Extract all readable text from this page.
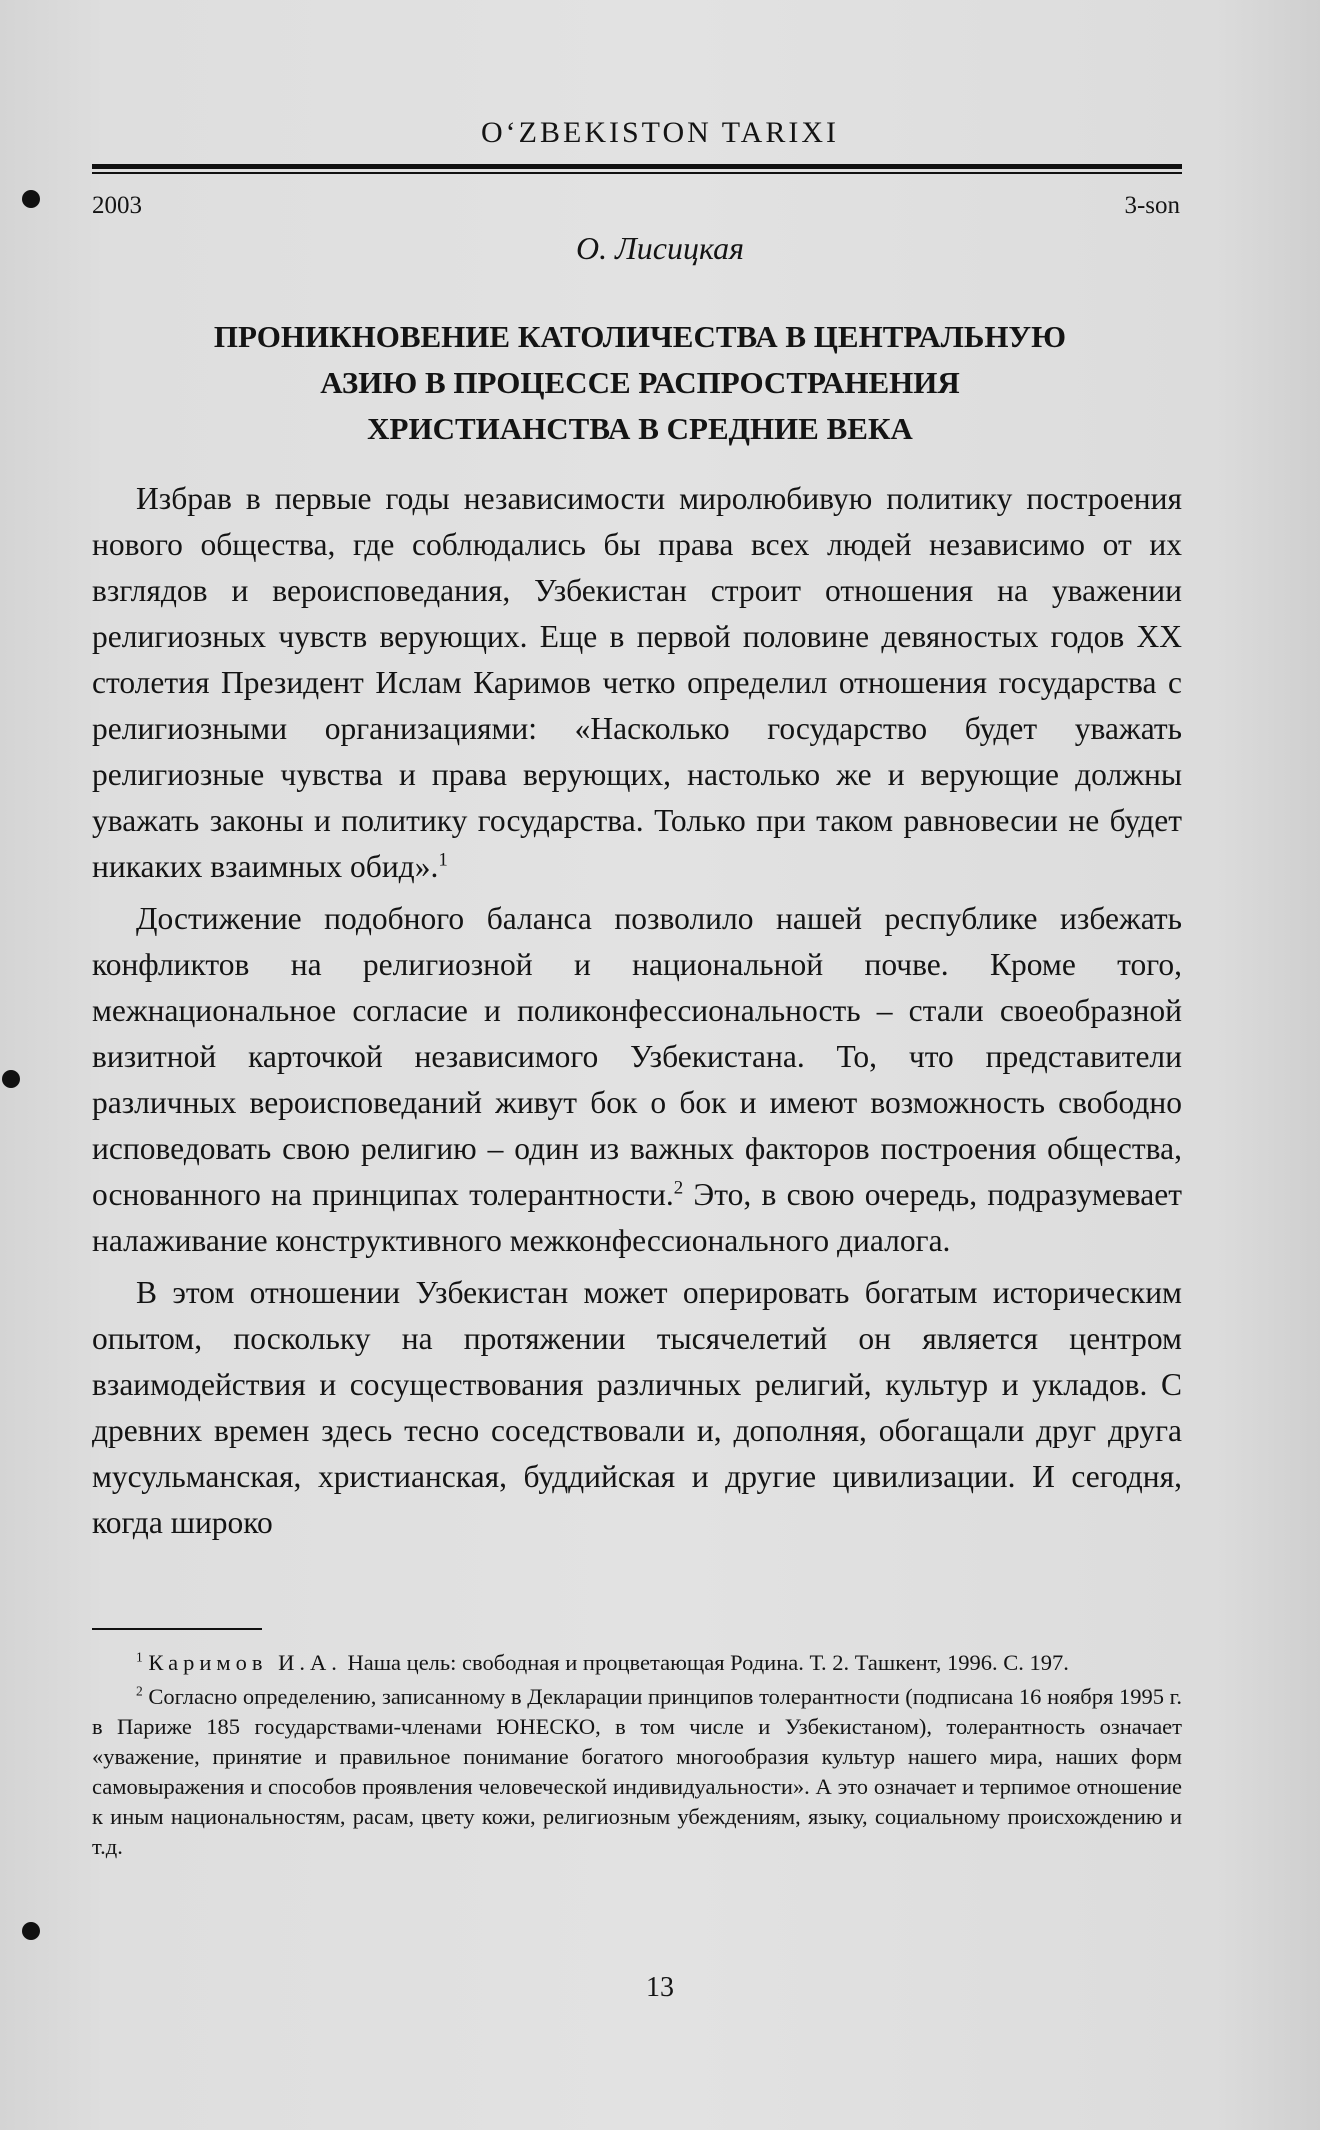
O‘ZBEKISTON TARIXI
2003	3-son
О. Лисицкая
ПРОНИКНОВЕНИЕ КАТОЛИЧЕСТВА В ЦЕНТРАЛЬНУЮ
АЗИЮ В ПРОЦЕССЕ РАСПРОСТРАНЕНИЯ
ХРИСТИАНСТВА В СРЕДНИЕ ВЕКА

Избрав в первые годы независимости миролюбивую политику построения нового общества, где соблюдались бы права всех людей независимо от их взглядов и вероисповедания, Узбекистан строит отношения на уважении религиозных чувств верующих. Еще в первой половине девяностых годов XX столетия Президент Ислам Каримов четко определил отношения государства с религиозными организациями: «Насколько государство будет уважать религиозные чувства и права верующих, настолько же и верующие должны уважать законы и политику государства. Только при таком равновесии не будет никаких взаимных обид».$^1$

Достижение подобного баланса позволило нашей республике избежать конфликтов на религиозной и национальной почве. Кроме того, межнациональное согласие и поликонфессиональность – стали своеобразной визитной карточкой независимого Узбекистана. То, что представители различных вероисповеданий живут бок о бок и имеют возможность свободно исповедовать свою религию – один из важных факторов построения общества, основанного на принципах толерантности.$^2$ Это, в свою очередь, подразумевает налаживание конструктивного межконфессионального диалога.

В этом отношении Узбекистан может оперировать богатым историческим опытом, поскольку на протяжении тысячелетий он является центром взаимодействия и сосуществования различных религий, культур и укладов. С древних времен здесь тесно соседствовали и, дополняя, обогащали друг друга мусульманская, христианская, буддийская и другие цивилизации. И сегодня, когда широко

$^1$ Каримов И.А. Наша цель: свободная и процветающая Родина. Т. 2. Ташкент, 1996. С. 197.

$^2$ Согласно определению, записанному в Декларации принципов толерантности (подписана 16 ноября 1995 г. в Париже 185 государствами-членами ЮНЕСКО, в том числе и Узбекистаном), толерантность означает «уважение, принятие и правильное понимание богатого многообразия культур нашего мира, наших форм самовыражения и способов проявления человеческой индивидуальности». А это означает и терпимое отношение к иным национальностям, расам, цвету кожи, религиозным убеждениям, языку, социальному происхождению и т.д.

13
